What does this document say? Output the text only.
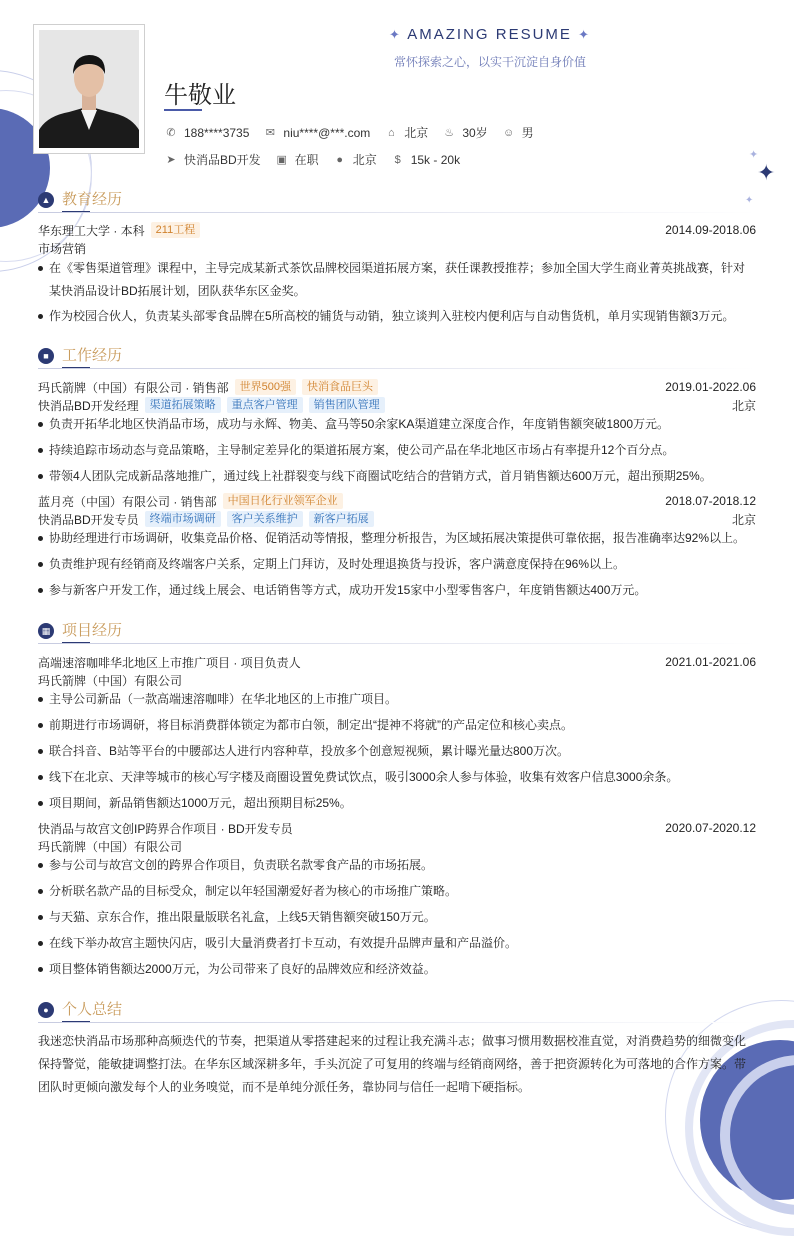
✦ AMAZING RESUME ✦
常怀探索之心，以实干沉淀自身价值
牛敬业
✆ 188****3735 ✉ niu****@***.com	⌂ 北京 ♨ 30岁 ☺ 男
➤ 快消品BD开发 ▣ 在职	● 北京	$ 15k - 20k	✦
✦
✦
▲ 教育经历
华东理工大学 · 本科	211工程	2014.09-2018.06
市场营销
在《零售渠道管理》课程中，主导完成某新式茶饮品牌校园渠道拓展方案，获任课教授推荐；参加全国大学生商业菁英挑战赛，针对某快消品设计BD拓展计划，团队获华东区金奖。
作为校园合伙人，负责某头部零食品牌在5所高校的铺货与动销，独立谈判入驻校内便利店与自动售货机，单月实现销售额3万元。
■ 工作经历
玛氏箭牌（中国）有限公司 · 销售部	世界500强	快消食品巨头	2019.01-2022.06
快消品BD开发经理	渠道拓展策略	重点客户管理	销售团队管理	北京
负责开拓华北地区快消品市场，成功与永辉、物美、盒马等50余家KA渠道建立深度合作，年度销售额突破1800万元。
持续追踪市场动态与竞品策略，主导制定差异化的渠道拓展方案，使公司产品在华北地区市场占有率提升12个百分点。
带领4人团队完成新品落地推广，通过线上社群裂变与线下商圈试吃结合的营销方式，首月销售额达600万元，超出预期25%。
蓝月亮（中国）有限公司 · 销售部	中国日化行业领军企业	2018.07-2018.12
快消品BD开发专员	终端市场调研	客户关系维护	新客户拓展	北京
协助经理进行市场调研，收集竞品价格、促销活动等情报，整理分析报告，为区域拓展决策提供可靠依据，报告准确率达92%以上。
负责维护现有经销商及终端客户关系，定期上门拜访，及时处理退换货与投诉，客户满意度保持在96%以上。
参与新客户开发工作，通过线上展会、电话销售等方式，成功开发15家中小型零售客户，年度销售额达400万元。
▦ 项目经历
高端速溶咖啡华北地区上市推广项目 · 项目负责人	2021.01-2021.06
玛氏箭牌（中国）有限公司
主导公司新品（一款高端速溶咖啡）在华北地区的上市推广项目。
前期进行市场调研，将目标消费群体锁定为都市白领，制定出“提神不将就”的产品定位和核心卖点。
联合抖音、B站等平台的中腰部达人进行内容种草，投放多个创意短视频，累计曝光量达800万次。
线下在北京、天津等城市的核心写字楼及商圈设置免费试饮点，吸引3000余人参与体验，收集有效客户信息3000余条。
项目期间，新品销售额达1000万元，超出预期目标25%。
快消品与故宫文创IP跨界合作项目 · BD开发专员	2020.07-2020.12
玛氏箭牌（中国）有限公司
参与公司与故宫文创的跨界合作项目，负责联名款零食产品的市场拓展。
分析联名款产品的目标受众，制定以年轻国潮爱好者为核心的市场推广策略。
与天猫、京东合作，推出限量版联名礼盒，上线5天销售额突破150万元。
在线下举办故宫主题快闪店，吸引大量消费者打卡互动，有效提升品牌声量和产品溢价。
项目整体销售额达2000万元，为公司带来了良好的品牌效应和经济效益。
● 个人总结
我迷恋快消品市场那种高频迭代的节奏，把渠道从零搭建起来的过程让我充满斗志；做事习惯用数据校准直觉，对消费趋势的细微变化保持警觉，能敏捷调整打法。在华东区域深耕多年，手头沉淀了可复用的终端与经销商网络，善于把资源转化为可落地的合作方案。带团队时更倾向激发每个人的业务嗅觉，而不是单纯分派任务，靠协同与信任一起啃下硬指标。
